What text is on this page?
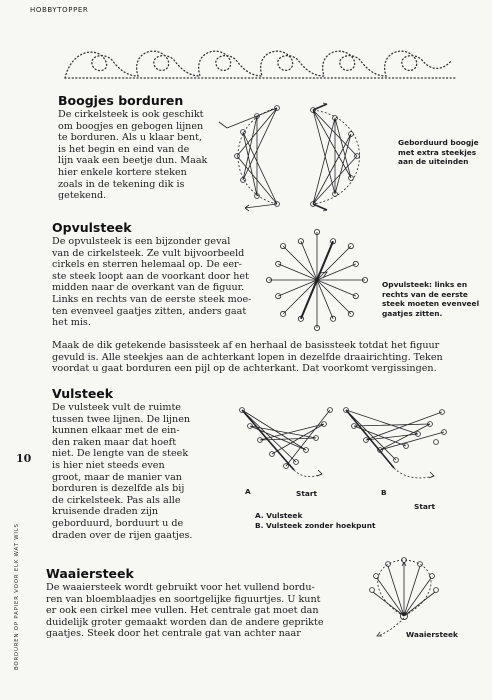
HOBBYTOPPER
Boogjes borduren

De cirkelsteek is ook geschikt

om boogjes en gebogen lijnen

te borduren. Als u klaar bent,

is het begin en eind van de

lijn vaak een beetje dun. Maak

hier enkele kortere steken

zoals in de tekening dik is

getekend.

Geborduurd boogje
met extra steekjes
aan de uiteinden
Opvulsteek

De opvulsteek is een bijzonder geval

van de cirkelsteek. Ze vult bijvoorbeeld

cirkels en sterren helemaal op. De eer-

ste steek loopt aan de voorkant door het

midden naar de overkant van de figuur.

Links en rechts van de eerste steek moe-

ten evenveel gaatjes zitten, anders gaat

het mis.

Maak de dik getekende basissteek af en herhaal de basissteek totdat het figuur

gevuld is. Alle steekjes aan de achterkant lopen in dezelfde draairichting. Teken

voordat u gaat borduren een pijl op de achterkant. Dat voorkomt vergissingen.

Opvulsteek: links en
rechts van de eerste
steek moeten evenveel
gaatjes zitten.
Vulsteek

De vulsteek vult de ruimte

tussen twee lijnen. De lijnen

kunnen elkaar met de ein-

den raken maar dat hoeft

niet. De lengte van de steek

is hier niet steeds even

groot, maar de manier van

borduren is dezelfde als bij

de cirkelsteek. Pas als alle

kruisende draden zijn

geborduurd, borduurt u de

draden over de rijen gaatjes.

A	Start	B
Start
A. Vulsteek
B. Vulsteek zonder hoekpunt
Waaiersteek

De waaiersteek wordt gebruikt voor het vullend bordu-

ren van bloemblaadjes en soortgelijke figuurtjes. U kunt

er ook een cirkel mee vullen. Het centrale gat moet dan

duidelijk groter gemaakt worden dan de andere geprikte

gaatjes. Steek door het centrale gat van achter naar	Waaiersteek
10
BORDUREN OP PAPIER VOOR ELK WAT WILS
